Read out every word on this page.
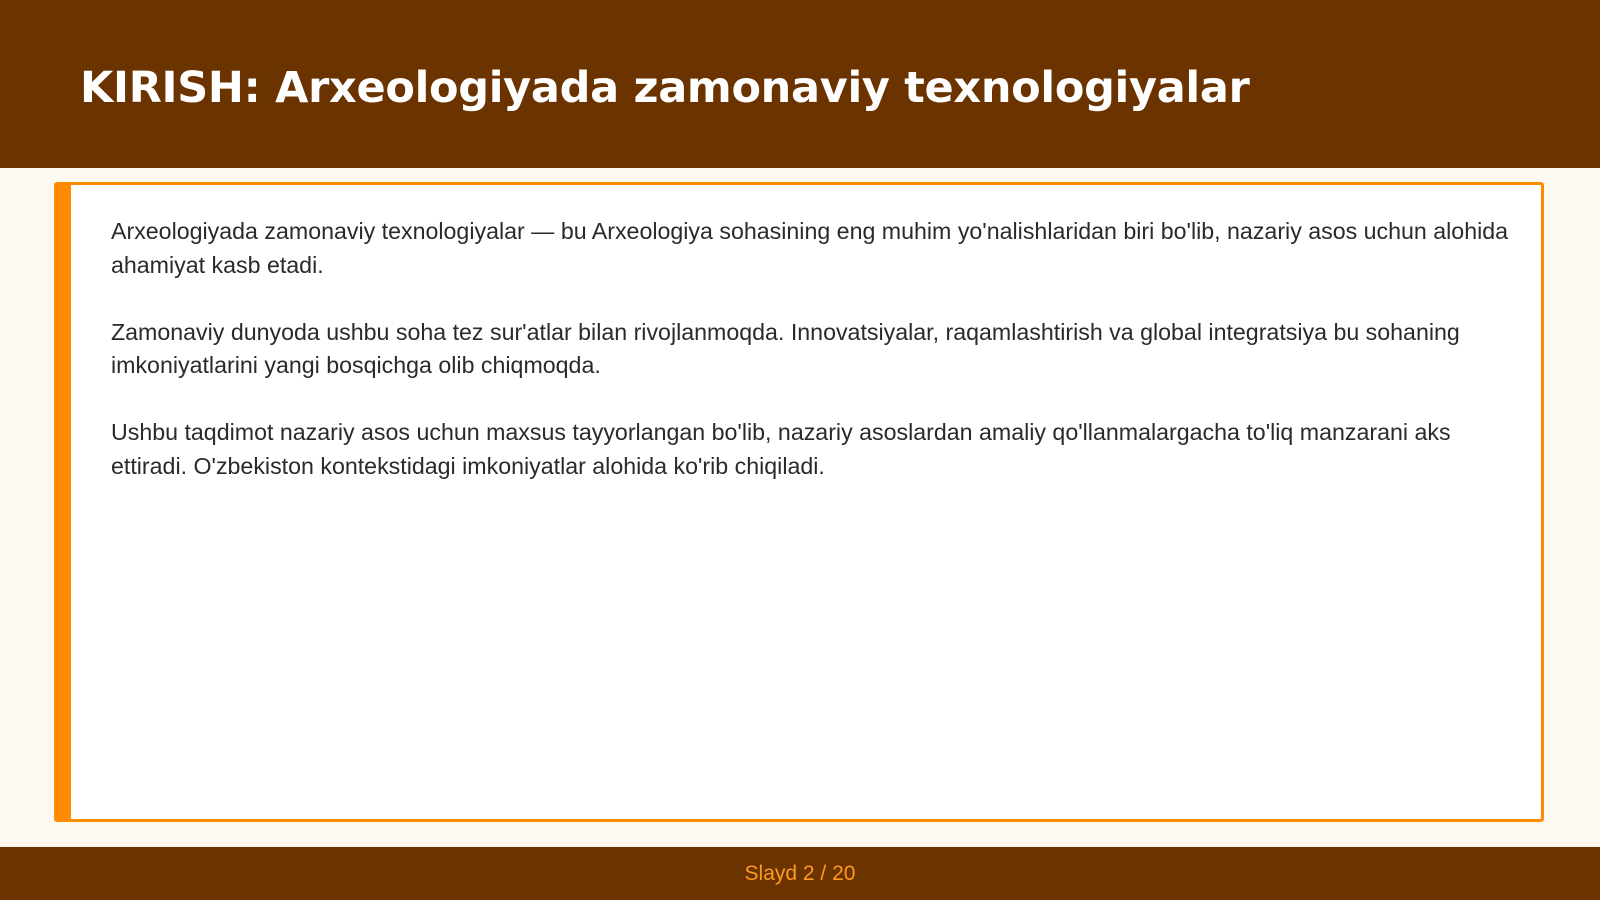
KIRISH: Arxeologiyada zamonaviy texnologiyalar

Arxeologiyada zamonaviy texnologiyalar — bu Arxeologiya sohasining eng muhim yo'nalishlaridan biri bo'lib, nazariy asos uchun alohida ahamiyat kasb etadi.

Zamonaviy dunyoda ushbu soha tez sur'atlar bilan rivojlanmoqda. Innovatsiyalar, raqamlashtirish va global integratsiya bu sohaning imkoniyatlarini yangi bosqichga olib chiqmoqda.

Ushbu taqdimot nazariy asos uchun maxsus tayyorlangan bo'lib, nazariy asoslardan amaliy qo'llanmalargacha to'liq manzarani aks ettiradi. O'zbekiston kontekstidagi imkoniyatlar alohida ko'rib chiqiladi.

Slayd 2 / 20
